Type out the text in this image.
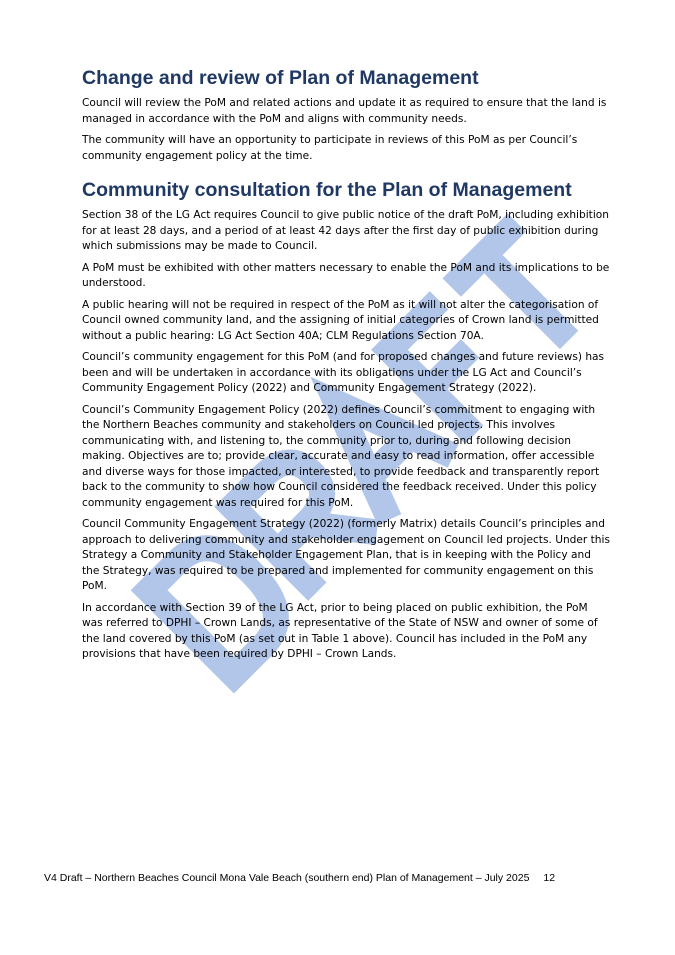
Change and review of Plan of Management

Council will review the PoM and related actions and update it as required to ensure that the land is managed in accordance with the PoM and aligns with community needs.

The community will have an opportunity to participate in reviews of this PoM as per Council’s community engagement policy at the time.

Community consultation for the Plan of Management

Section 38 of the LG Act requires Council to give public notice of the draft PoM, including exhibition for at least 28 days, and a period of at least 42 days after the first day of public exhibition during which submissions may be made to Council.

A PoM must be exhibited with other matters necessary to enable the PoM and its implications to be understood.

A public hearing will not be required in respect of the PoM as it will not alter the categorisation of Council owned community land, and the assigning of initial categories of Crown land is permitted without a public hearing: LG Act Section 40A; CLM Regulations Section 70A.

Council’s community engagement for this PoM (and for proposed changes and future reviews) has been and will be undertaken in accordance with its obligations under the LG Act and Council’s Community Engagement Policy (2022) and Community Engagement Strategy (2022).

Council’s Community Engagement Policy (2022) defines Council’s commitment to engaging with the Northern Beaches community and stakeholders on Council led projects. This involves communicating with, and listening to, the community prior to, during and following decision making. Objectives are to; provide clear, accurate and easy to read information, offer accessible and diverse ways for those impacted, or interested, to provide feedback and transparently report back to the community to show how Council considered the feedback received. Under this policy community engagement was required for this PoM.

Council Community Engagement Strategy (2022) (formerly Matrix) details Council’s principles and approach to delivering community and stakeholder engagement on Council led projects. Under this Strategy a Community and Stakeholder Engagement Plan, that is in keeping with the Policy and the Strategy, was required to be prepared and implemented for community engagement on this PoM.

In accordance with Section 39 of the LG Act, prior to being placed on public exhibition, the PoM was referred to DPHI – Crown Lands, as representative of the State of NSW and owner of some of the land covered by this PoM (as set out in Table 1 above). Council has included in the PoM any provisions that have been required by DPHI – Crown Lands.

V4 Draft – Northern Beaches Council Mona Vale Beach (southern end) Plan of Management – July 2025 12
